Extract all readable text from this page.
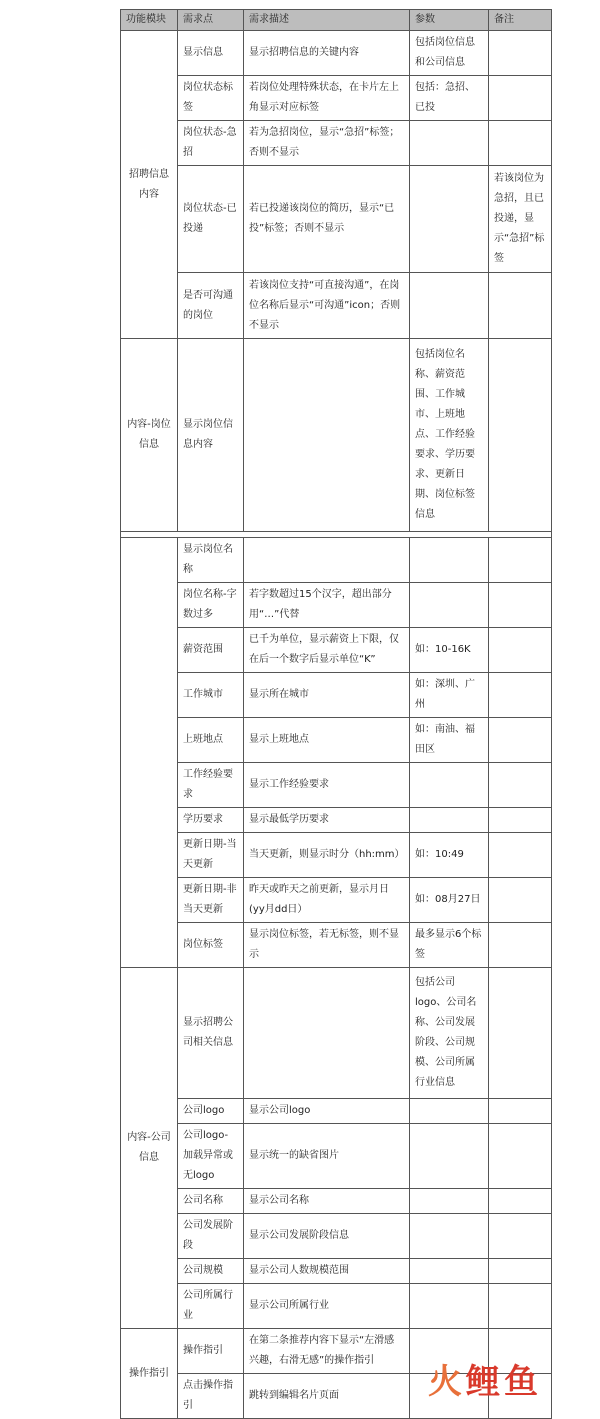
功能模块	需求点	需求描述	参数	备注
招聘信息内容	显示信息	显示招聘信息的关键内容	包括岗位信息和公司信息	
	岗位状态标签	若岗位处理特殊状态，在卡片左上角显示对应标签	包括：急招、已投	
	岗位状态-急招	若为急招岗位，显示“急招”标签；否则不显示		
	岗位状态-已投递	若已投递该岗位的简历，显示“已投”标签；否则不显示		若该岗位为急招，且已投递，显示“急招”标签
	是否可沟通的岗位	若该岗位支持“可直接沟通”，在岗位名称后显示“可沟通”icon；否则不显示		
内容-岗位信息	显示岗位信息内容		包括岗位名称、薪资范围、工作城市、上班地点、工作经验要求、学历要求、更新日期、岗位标签信息	

	显示岗位名称			
	岗位名称-字数过多	若字数超过15个汉字，超出部分用“…”代替		
	薪资范围	已千为单位，显示薪资上下限，仅在后一个数字后显示单位“K”	如：10-16K	
	工作城市	显示所在城市	如：深圳、广州	
	上班地点	显示上班地点	如：南油、福田区	
	工作经验要求	显示工作经验要求		
	学历要求	显示最低学历要求		
	更新日期-当天更新	当天更新，则显示时分（hh:mm）	如：10:49	
	更新日期-非当天更新	昨天或昨天之前更新，显示月日(yy月dd日）	如：08月27日	
	岗位标签	显示岗位标签，若无标签，则不显示	最多显示6个标签	
内容-公司信息	显示招聘公司相关信息		包括公司logo、公司名称、公司发展阶段、公司规模、公司所属行业信息	
	公司logo	显示公司logo		
	公司logo-加载异常或无logo	显示统一的缺省图片		
	公司名称	显示公司名称		
	公司发展阶段	显示公司发展阶段信息		
	公司规模	显示公司人数规模范围		
	公司所属行业	显示公司所属行业		
操作指引	操作指引	在第二条推荐内容下显示“左滑感兴趣，右滑无感”的操作指引		
	点击操作指引	跳转到编辑名片页面			火 鲤 鱼
